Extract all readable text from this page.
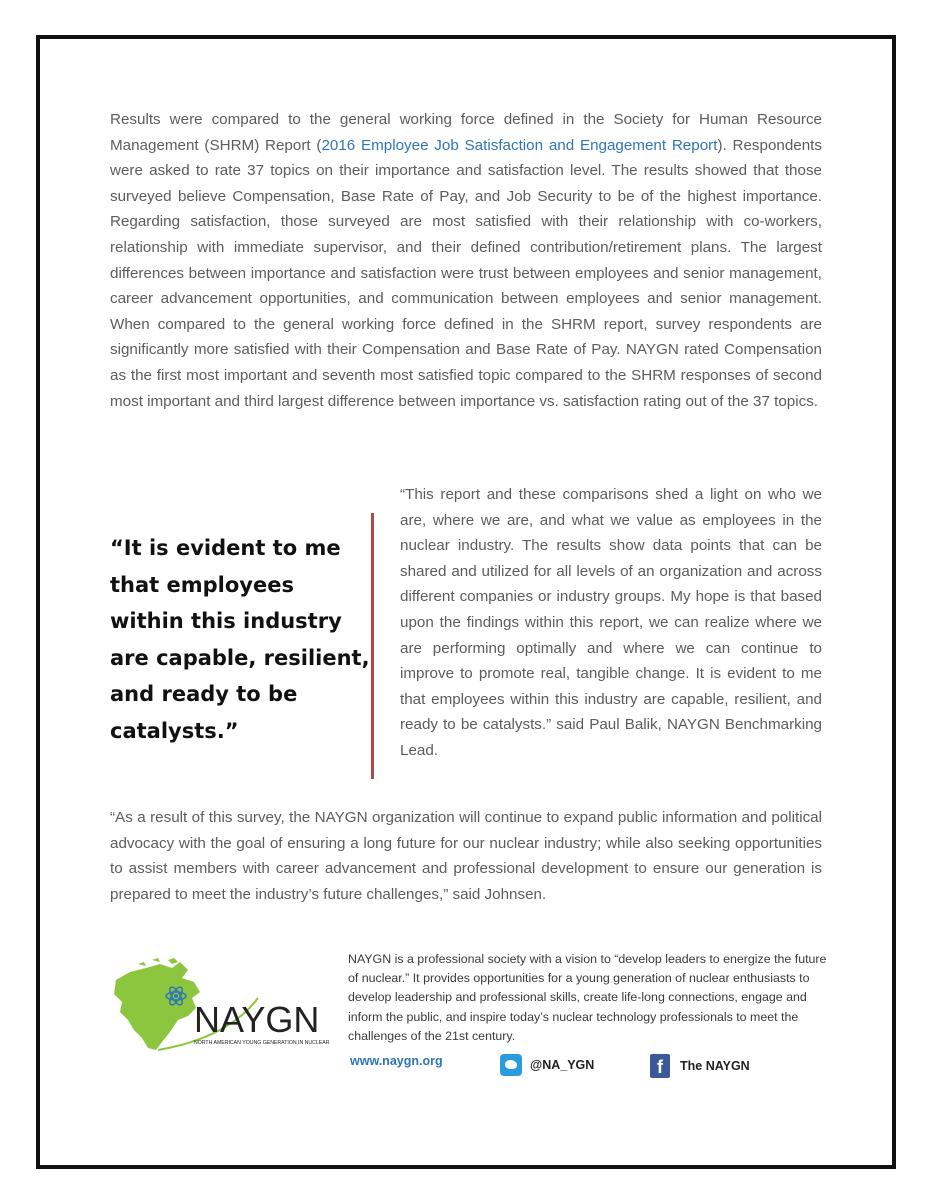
Results were compared to the general working force defined in the Society for Human Resource Management (SHRM) Report (2016 Employee Job Satisfaction and Engagement Report). Respondents were asked to rate 37 topics on their importance and satisfaction level. The results showed that those surveyed believe Compensation, Base Rate of Pay, and Job Security to be of the highest importance. Regarding satisfaction, those surveyed are most satisfied with their relationship with co-workers, relationship with immediate supervisor, and their defined contribution/retirement plans. The largest differences between importance and satisfaction were trust between employees and senior management, career advancement opportunities, and communication between employees and senior management. When compared to the general working force defined in the SHRM report, survey respondents are significantly more satisfied with their Compensation and Base Rate of Pay. NAYGN rated Compensation as the first most important and seventh most satisfied topic compared to the SHRM responses of second most important and third largest difference between importance vs. satisfaction rating out of the 37 topics.

“It is evident to me
that employees
within this industry
are capable, resilient,
and ready to be
catalysts.”

“This report and these comparisons shed a light on who we are, where we are, and what we value as employees in the nuclear industry. The results show data points that can be shared and utilized for all levels of an organization and across different companies or industry groups. My hope is that based upon the findings within this report, we can realize where we are performing optimally and where we can continue to improve to promote real, tangible change. It is evident to me that employees within this industry are capable, resilient, and ready to be catalysts.” said Paul Balik, NAYGN Benchmarking Lead.

“As a result of this survey, the NAYGN organization will continue to expand public information and political advocacy with the goal of ensuring a long future for our nuclear industry; while also seeking opportunities to assist members with career advancement and professional development to ensure our generation is prepared to meet the industry’s future challenges,” said Johnsen.

NAYGN
NORTH AMERICAN YOUNG GENERATION IN NUCLEAR

NAYGN is a professional society with a vision to “develop leaders to energize the future of nuclear.” It provides opportunities for a young generation of nuclear enthusiasts to develop leadership and professional skills, create life-long connections, engage and inform the public, and inspire today’s nuclear technology professionals to meet the challenges of the 21st century.

www.naygn.org	@NA_YGN	f The NAYGN
